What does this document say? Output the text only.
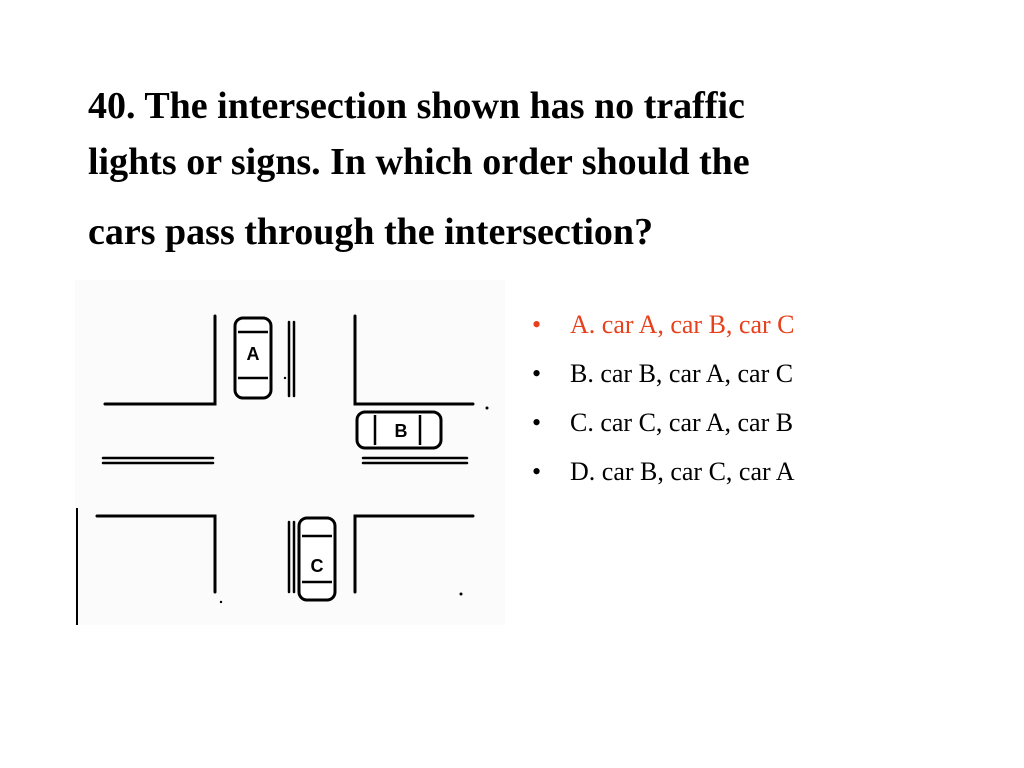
40. The intersection shown has no traffic
lights or signs. In which order should the
cars pass through the intersection?
A
B
C
• A. car A, car B, car C
• B. car B, car A, car C
• C. car C, car A, car B
• D. car B, car C, car A
